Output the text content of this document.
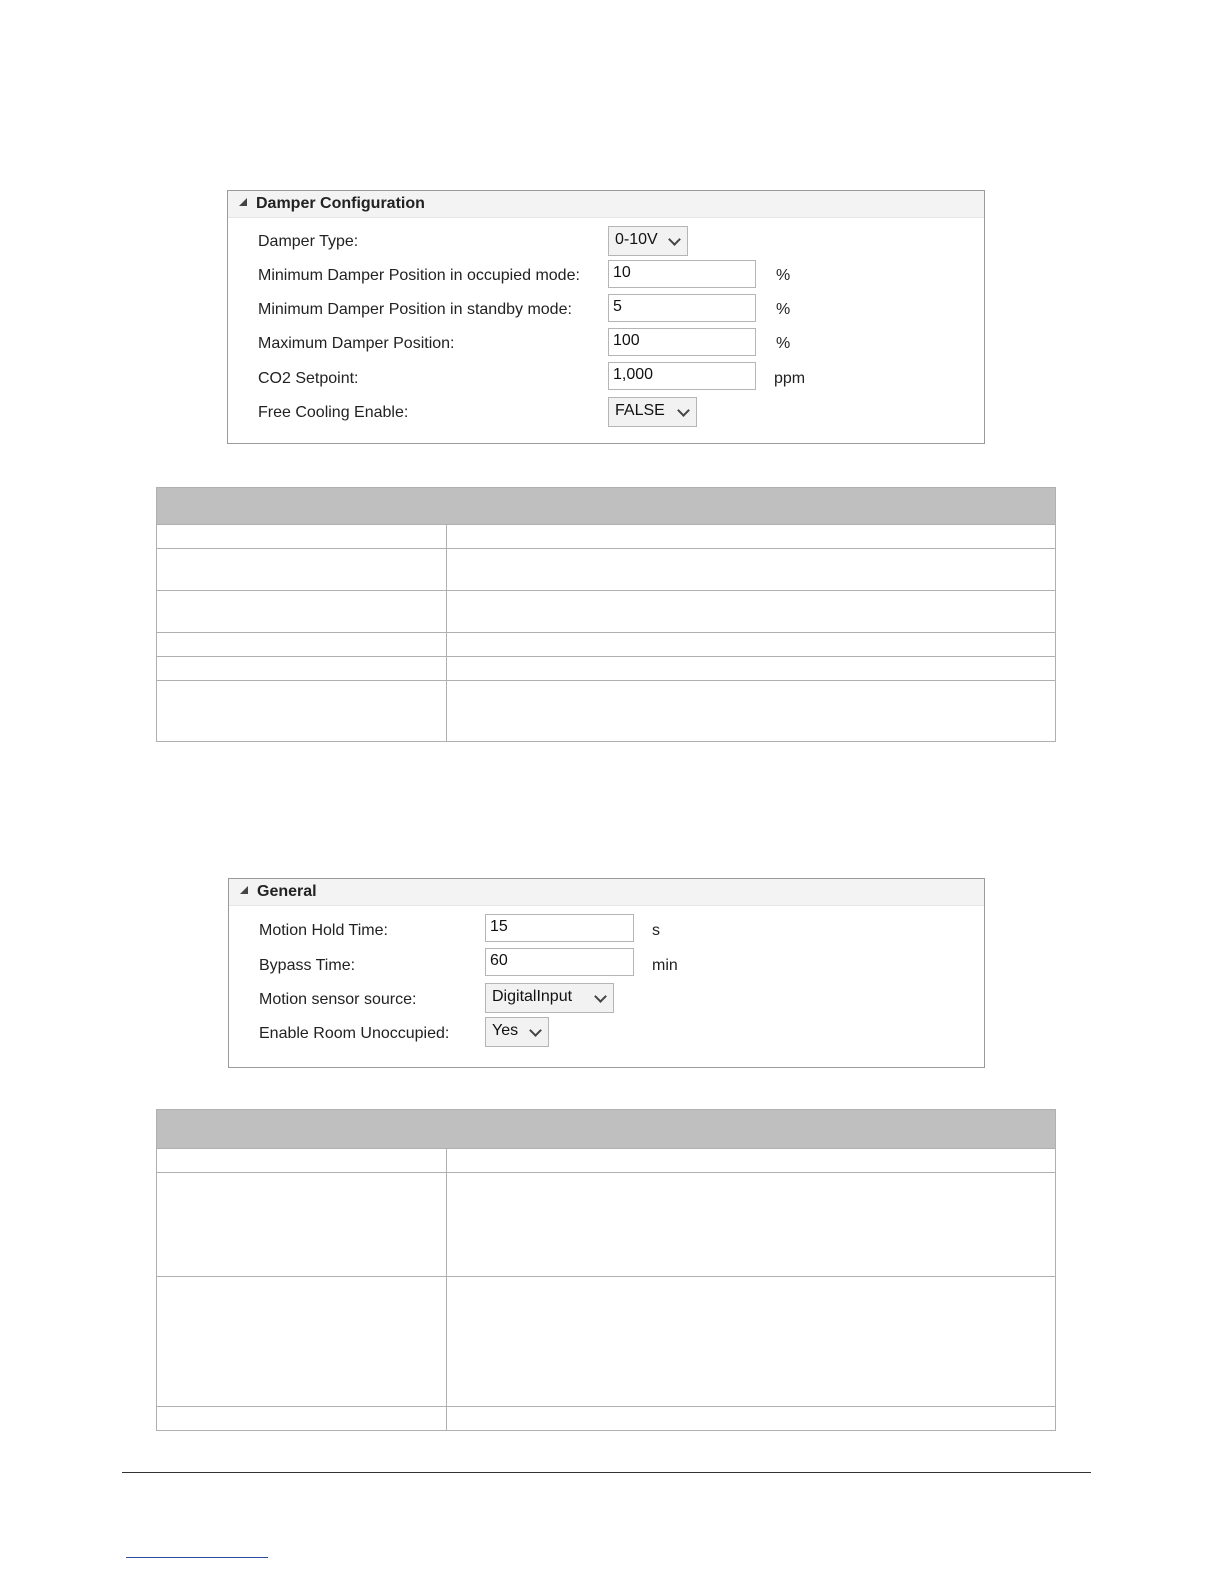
Damper Configuration
Damper Type:	0-10V
Minimum Damper Position in occupied mode:	10	%
Minimum Damper Position in standby mode:	5	%
Maximum Damper Position:	100	%
CO2 Setpoint:	1,000	ppm
Free Cooling Enable:	FALSE
General
Motion Hold Time:	15	s
Bypass Time:	60	min
Motion sensor source:	DigitalInput
Enable Room Unoccupied:	Yes
